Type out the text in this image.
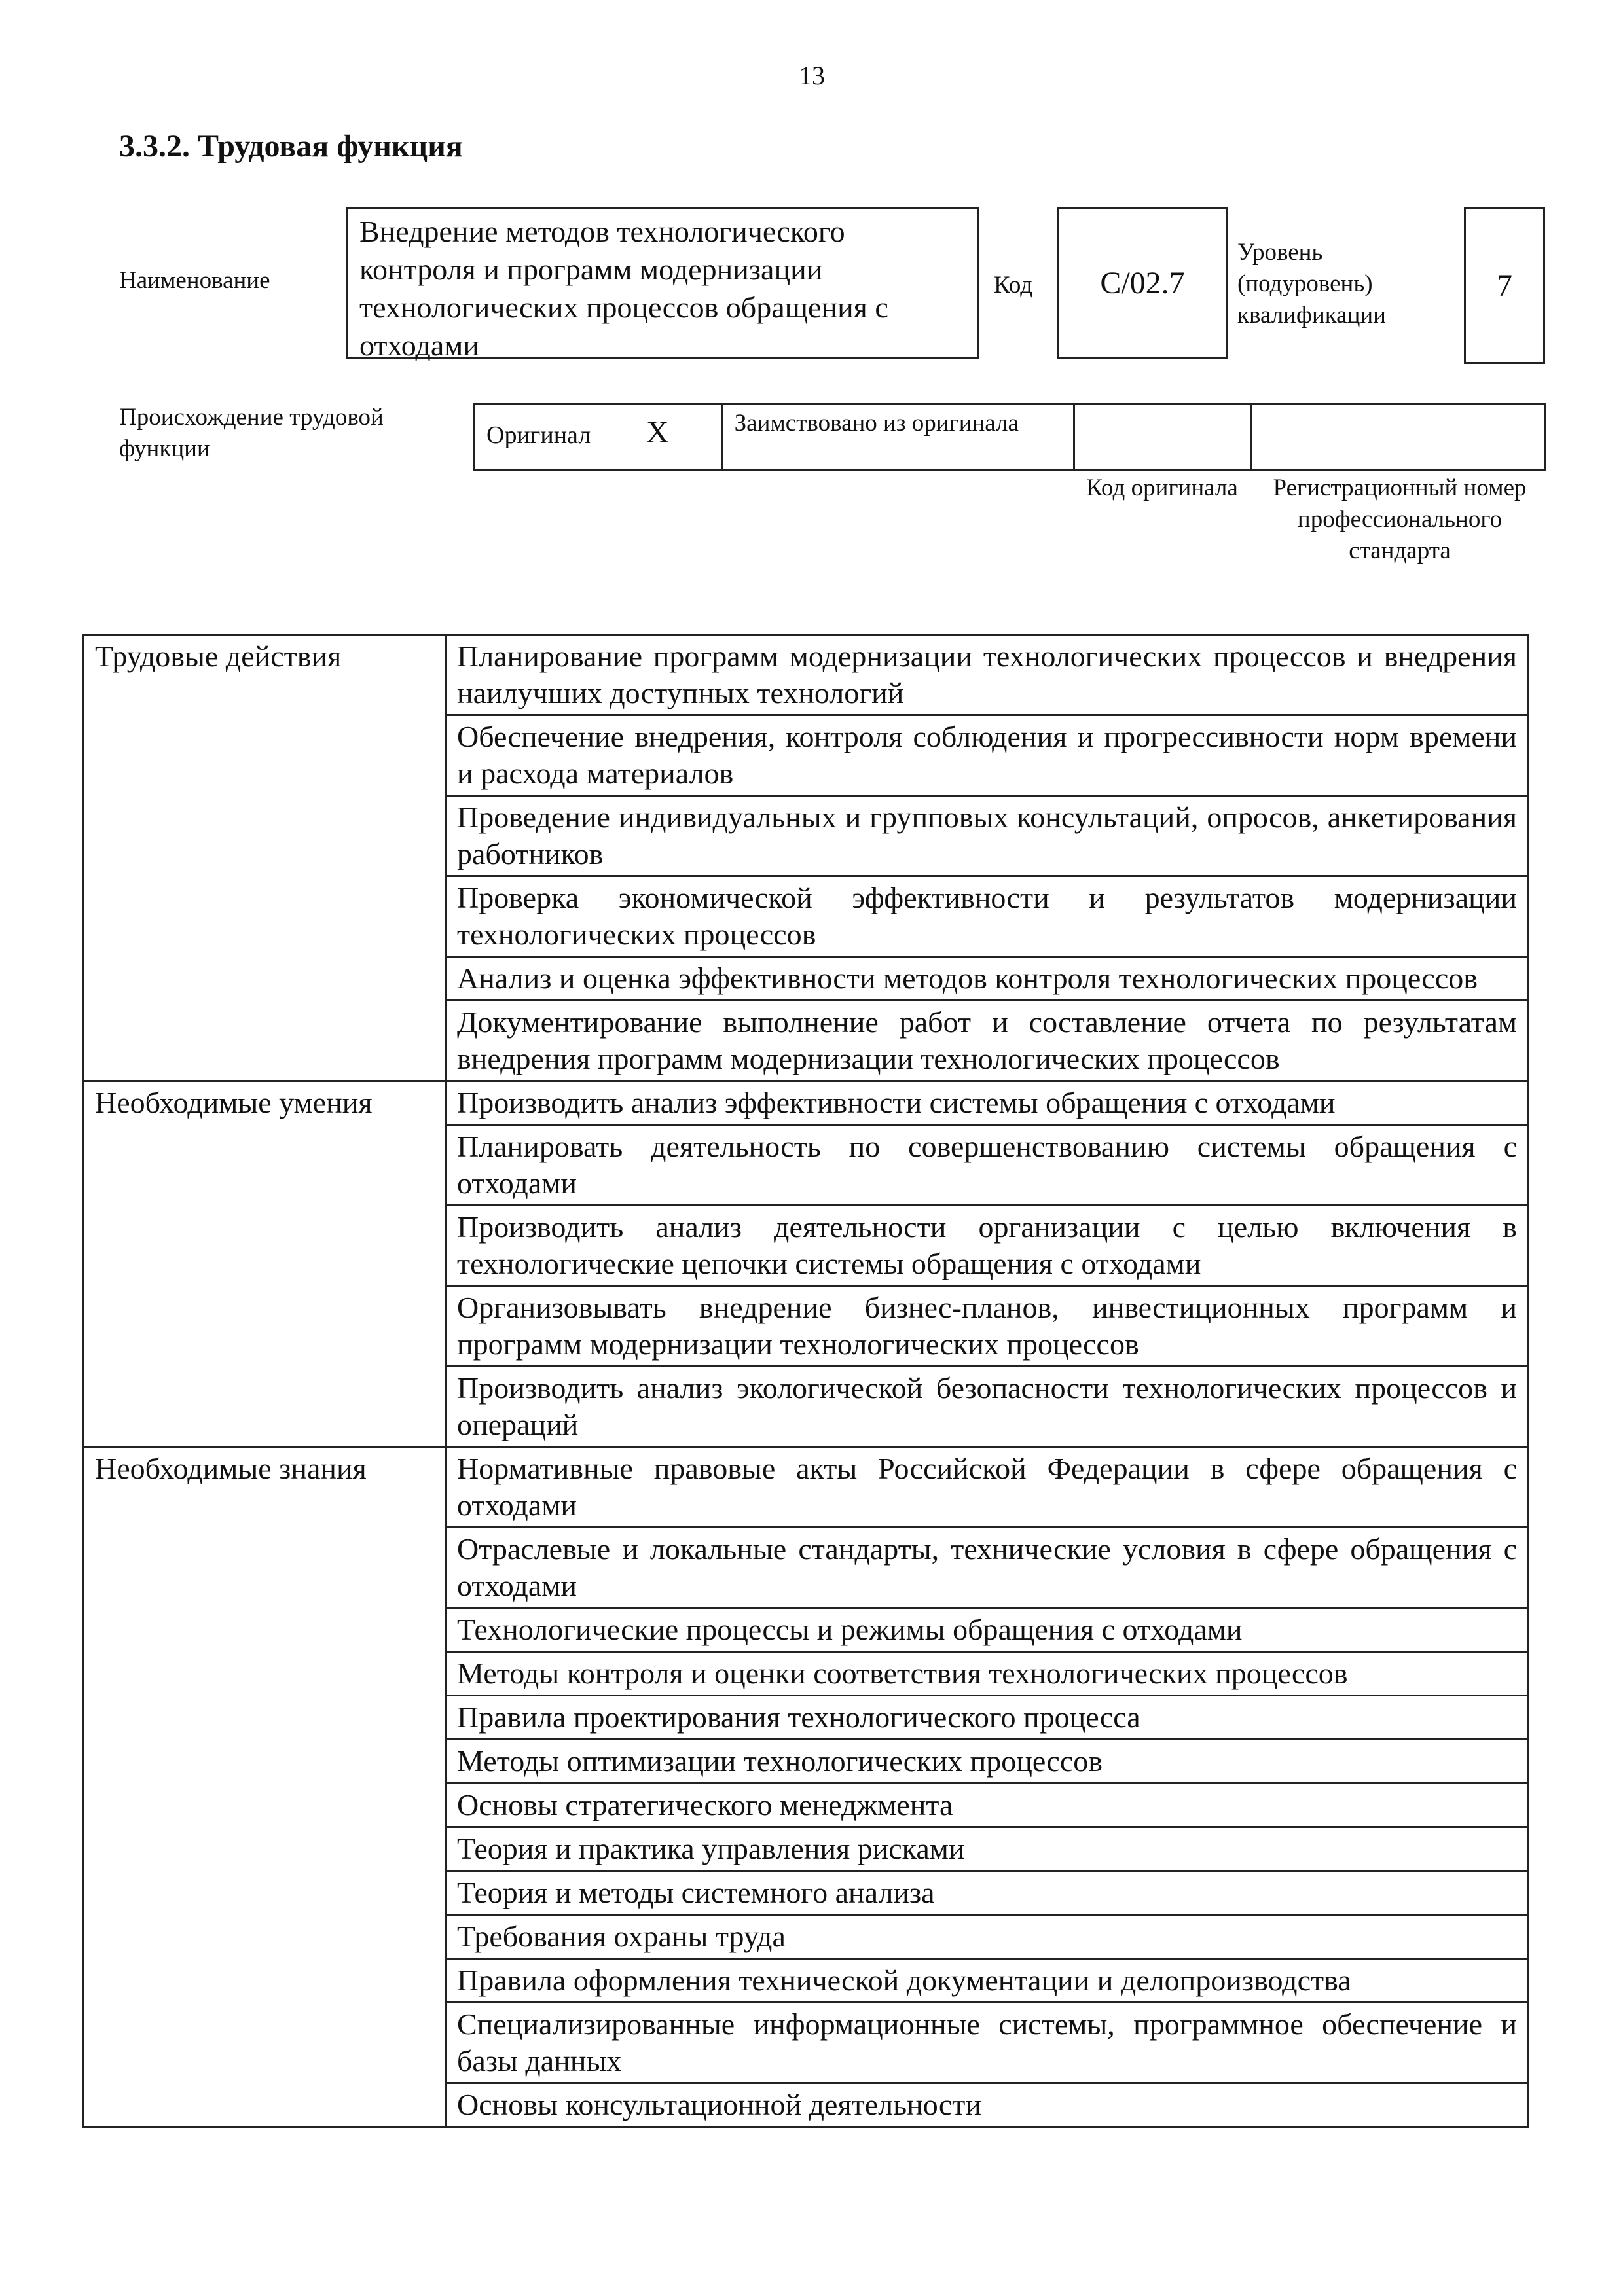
13
3.3.2. Трудовая функция
Наименование
Внедрение методов технологического контроля и программ модернизации технологических процессов обращения с отходами
Код C/02.7
Уровень (подуровень) квалификации
7
Происхождение трудовой функции	Оригинал X	Заимствовано из оригинала
Код оригинала	Регистрационный номер профессионального стандарта
Трудовые действия	Планирование программ модернизации технологических процессов и внедрения наилучших доступных технологий
	Обеспечение внедрения, контроля соблюдения и прогрессивности норм времени и расхода материалов
	Проведение индивидуальных и групповых консультаций, опросов, анкетирования работников
	Проверка экономической эффективности и результатов модернизации технологических процессов
	Анализ и оценка эффективности методов контроля технологических процессов
	Документирование выполнение работ и составление отчета по результатам внедрения программ модернизации технологических процессов
Необходимые умения	Производить анализ эффективности системы обращения с отходами
	Планировать деятельность по совершенствованию системы обращения с отходами
	Производить анализ деятельности организации с целью включения в технологические цепочки системы обращения с отходами
	Организовывать внедрение бизнес-планов, инвестиционных программ и программ модернизации технологических процессов
	Производить анализ экологической безопасности технологических процессов и операций
Необходимые знания	Нормативные правовые акты Российской Федерации в сфере обращения с отходами
	Отраслевые и локальные стандарты, технические условия в сфере обращения с отходами
	Технологические процессы и режимы обращения с отходами
	Методы контроля и оценки соответствия технологических процессов
	Правила проектирования технологического процесса
	Методы оптимизации технологических процессов
	Основы стратегического менеджмента
	Теория и практика управления рисками
	Теория и методы системного анализа
	Требования охраны труда
	Правила оформления технической документации и делопроизводства
	Специализированные информационные системы, программное обеспечение и базы данных
	Основы консультационной деятельности
